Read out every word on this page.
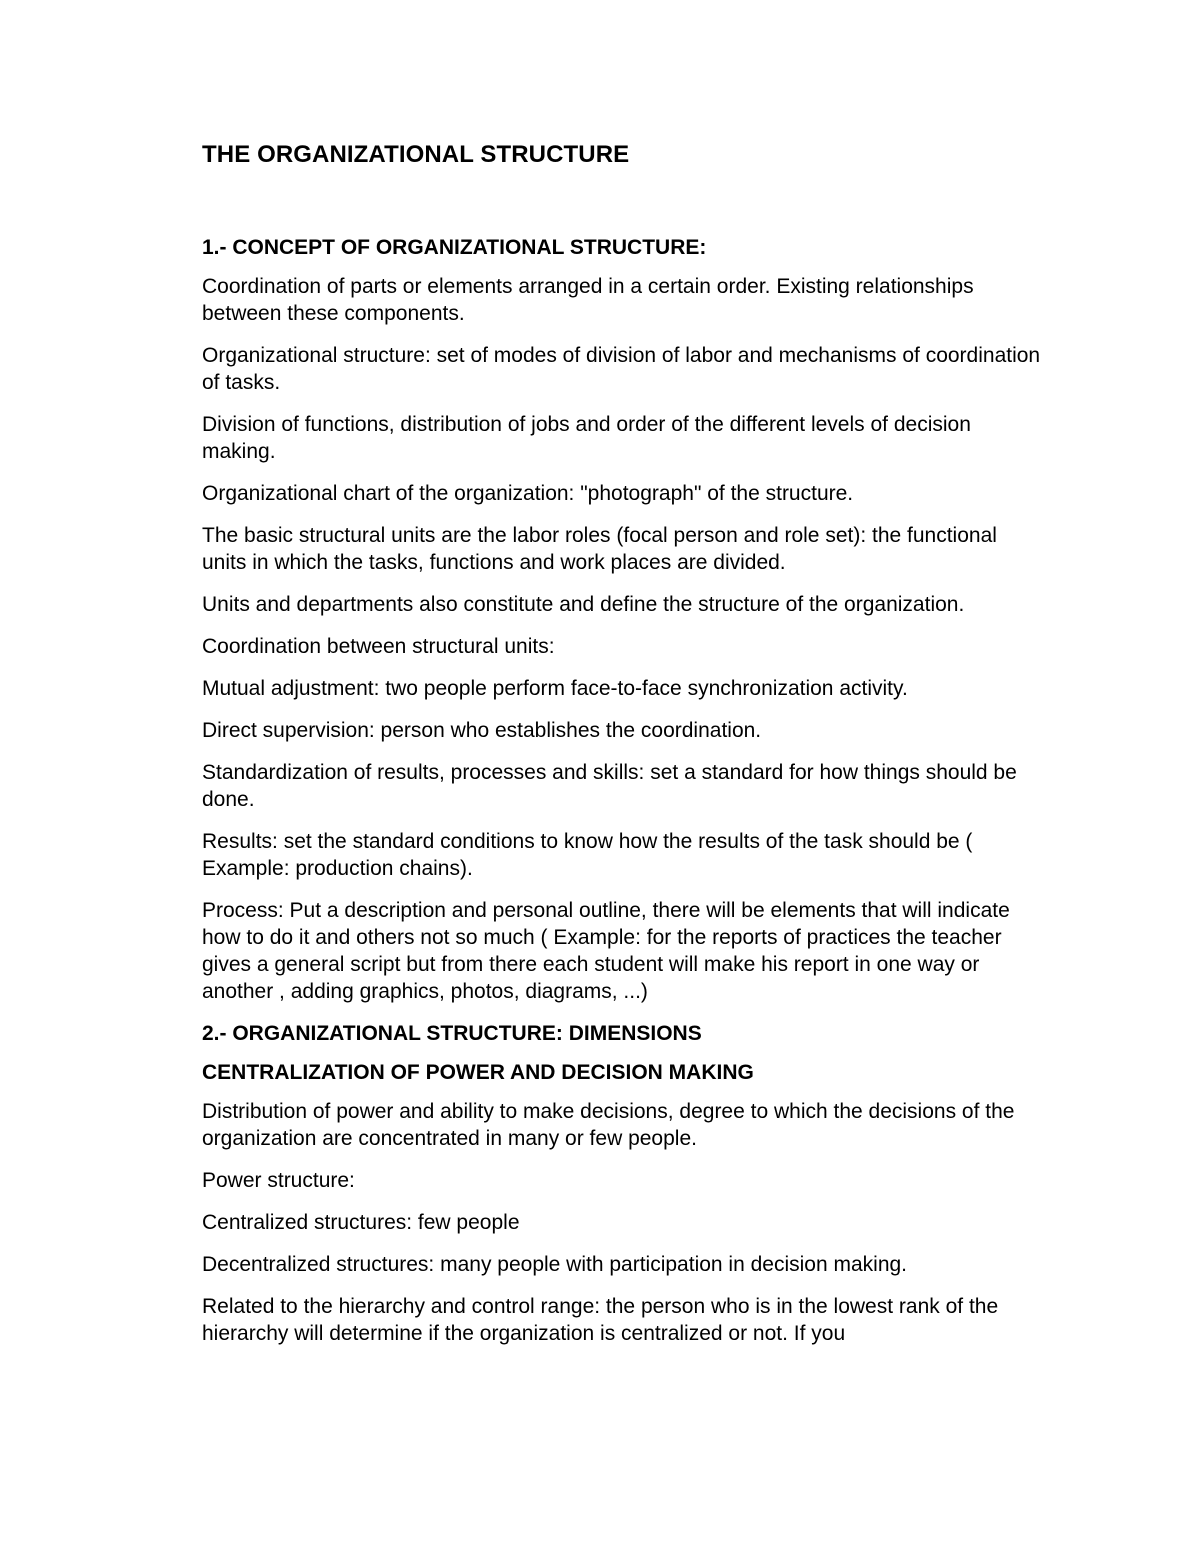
THE ORGANIZATIONAL STRUCTURE
1.- CONCEPT OF ORGANIZATIONAL STRUCTURE:

Coordination of parts or elements arranged in a certain order. Existing relationships between these components.

Organizational structure: set of modes of division of labor and mechanisms of coordination of tasks.

Division of functions, distribution of jobs and order of the different levels of decision making.

Organizational chart of the organization: "photograph" of the structure.

The basic structural units are the labor roles (focal person and role set): the functional units in which the tasks, functions and work places are divided.

Units and departments also constitute and define the structure of the organization.

Coordination between structural units:

Mutual adjustment: two people perform face-to-face synchronization activity.

Direct supervision: person who establishes the coordination.

Standardization of results, processes and skills: set a standard for how things should be done.

Results: set the standard conditions to know how the results of the task should be ( Example: production chains).

Process: Put a description and personal outline, there will be elements that will indicate how to do it and others not so much ( Example: for the reports of practices the teacher gives a general script but from there each student will make his report in one way or another , adding graphics, photos, diagrams, ...)

2.- ORGANIZATIONAL STRUCTURE: DIMENSIONS
CENTRALIZATION OF POWER AND DECISION MAKING

Distribution of power and ability to make decisions, degree to which the decisions of the organization are concentrated in many or few people.

Power structure:

Centralized structures: few people

Decentralized structures: many people with participation in decision making.

Related to the hierarchy and control range: the person who is in the lowest rank of the hierarchy will determine if the organization is centralized or not. If you
